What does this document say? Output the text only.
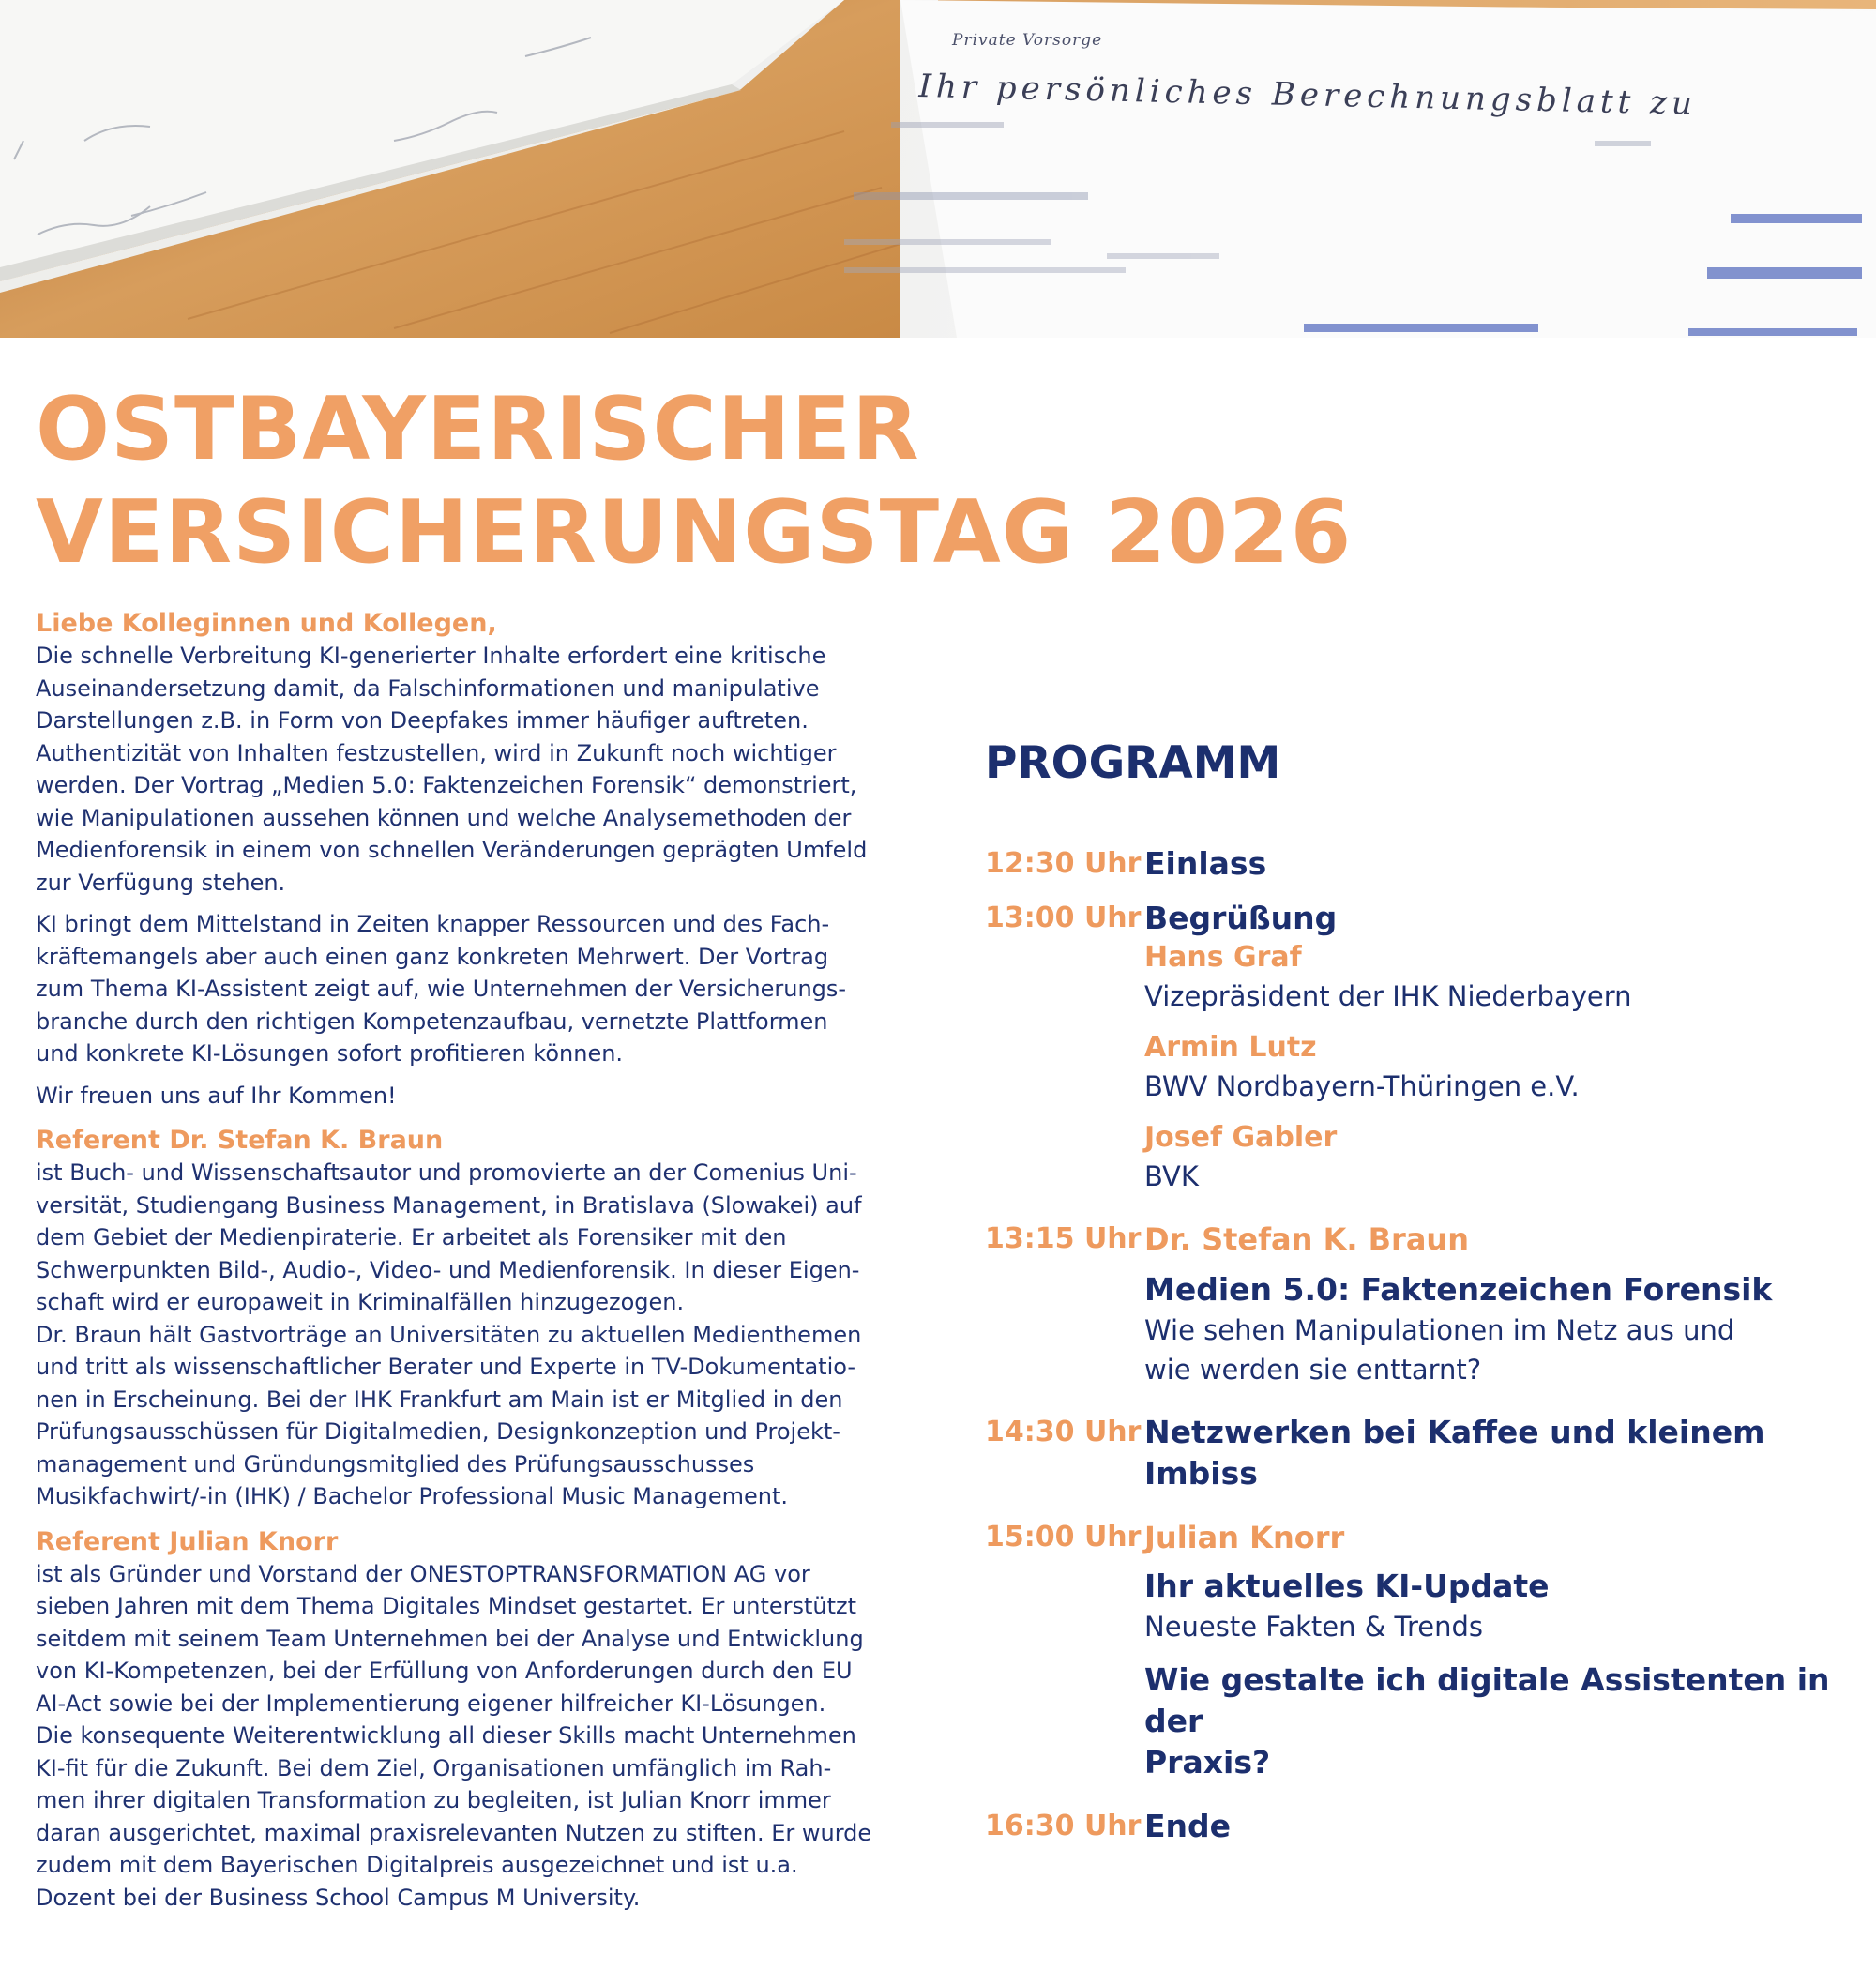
Private Vorsorge
Ihr persönliches Berechnungsblatt zu
OSTBAYERISCHER
VERSICHERUNGSTAG 2026

Liebe Kolleginnen und Kollegen,

Die schnelle Verbreitung KI-generierter Inhalte erfordert eine kritische

Auseinandersetzung damit, da Falschinformationen und manipulative

Darstellungen z.B. in Form von Deepfakes immer häufiger auftreten.

Authentizität von Inhalten festzustellen, wird in Zukunft noch wichtiger

werden. Der Vortrag „Medien 5.0: Faktenzeichen Forensik“ demonstriert,

wie Manipulationen aussehen können und welche Analysemethoden der

Medienforensik in einem von schnellen Veränderungen geprägten Umfeld

zur Verfügung stehen.

KI bringt dem Mittelstand in Zeiten knapper Ressourcen und des Fach-

kräftemangels aber auch einen ganz konkreten Mehrwert. Der Vortrag

zum Thema KI-Assistent zeigt auf, wie Unternehmen der Versicherungs-

branche durch den richtigen Kompetenzaufbau, vernetzte Plattformen

und konkrete KI-Lösungen sofort profitieren können.

Wir freuen uns auf Ihr Kommen!

Referent Dr. Stefan K. Braun

ist Buch- und Wissenschaftsautor und promovierte an der Comenius Uni-

versität, Studiengang Business Management, in Bratislava (Slowakei) auf

dem Gebiet der Medienpiraterie. Er arbeitet als Forensiker mit den

Schwerpunkten Bild-, Audio-, Video- und Medienforensik. In dieser Eigen-

schaft wird er europaweit in Kriminalfällen hinzugezogen.

Dr. Braun hält Gastvorträge an Universitäten zu aktuellen Medienthemen

und tritt als wissenschaftlicher Berater und Experte in TV-Dokumentatio-

nen in Erscheinung. Bei der IHK Frankfurt am Main ist er Mitglied in den

Prüfungsausschüssen für Digitalmedien, Designkonzeption und Projekt-

management und Gründungsmitglied des Prüfungsausschusses

Musikfachwirt/-in (IHK) / Bachelor Professional Music Management.

Referent Julian Knorr

ist als Gründer und Vorstand der ONESTOPTRANSFORMATION AG vor

sieben Jahren mit dem Thema Digitales Mindset gestartet. Er unterstützt

seitdem mit seinem Team Unternehmen bei der Analyse und Entwicklung

von KI-Kompetenzen, bei der Erfüllung von Anforderungen durch den EU

AI-Act sowie bei der Implementierung eigener hilfreicher KI-Lösungen.

Die konsequente Weiterentwicklung all dieser Skills macht Unternehmen

KI-fit für die Zukunft. Bei dem Ziel, Organisationen umfänglich im Rah-

men ihrer digitalen Transformation zu begleiten, ist Julian Knorr immer

daran ausgerichtet, maximal praxisrelevanten Nutzen zu stiften. Er wurde

zudem mit dem Bayerischen Digitalpreis ausgezeichnet und ist u.a.

Dozent bei der Business School Campus M University.

PROGRAMM
12:30 Uhr Einlass
13:00 Uhr Begrüßung
Hans Graf
Vizepräsident der IHK Niederbayern
Armin Lutz
BWV Nordbayern-Thüringen e.V.
Josef Gabler
BVK
13:15 Uhr Dr. Stefan K. Braun
Medien 5.0: Faktenzeichen Forensik
Wie sehen Manipulationen im Netz aus und
wie werden sie enttarnt?
14:30 Uhr Netzwerken bei Kaffee und kleinem Imbiss
15:00 Uhr Julian Knorr
Ihr aktuelles KI-Update
Neueste Fakten & Trends
Wie gestalte ich digitale Assistenten in der
Praxis?
16:30 Uhr Ende
